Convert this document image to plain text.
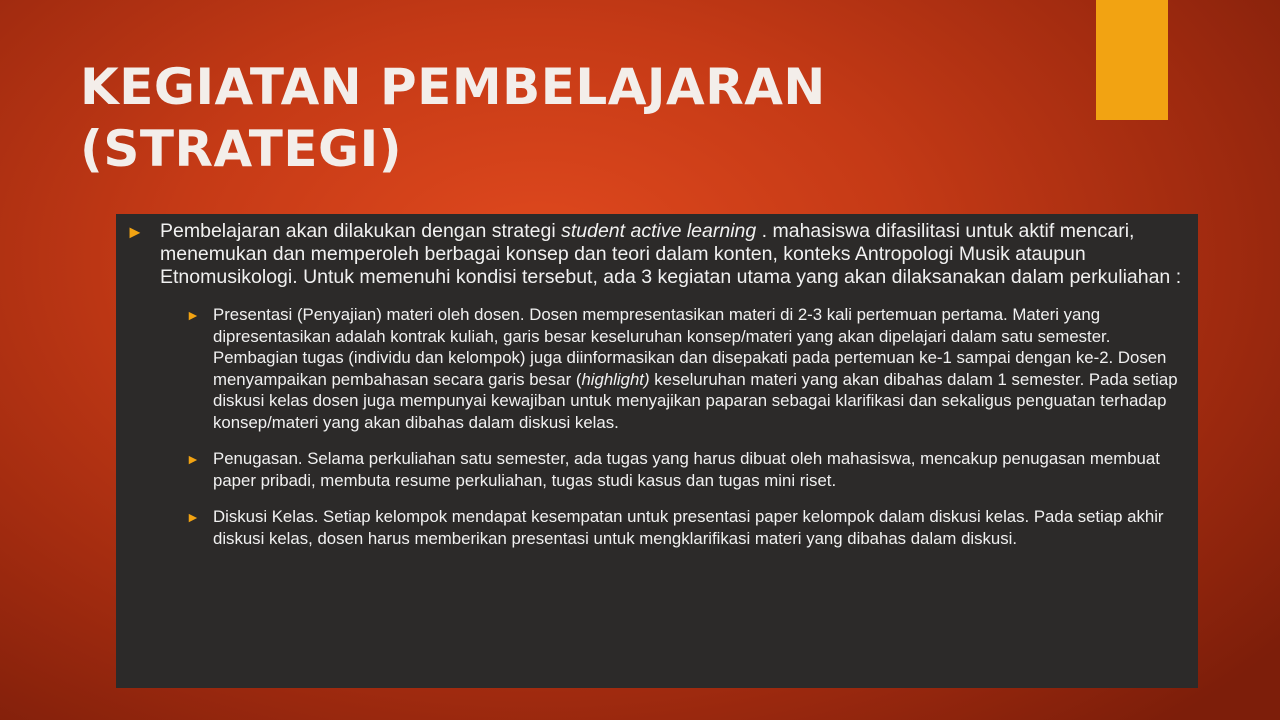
KEGIATAN PEMBELAJARAN
(STRATEGI)
► Pembelajaran akan dilakukan dengan strategi student active learning . mahasiswa difasilitasi untuk aktif mencari, menemukan dan memperoleh berbagai konsep dan teori dalam konten, konteks Antropologi Musik ataupun Etnomusikologi. Untuk memenuhi kondisi tersebut, ada 3 kegiatan utama yang akan dilaksanakan dalam perkuliahan :
► Presentasi (Penyajian) materi oleh dosen. Dosen mempresentasikan materi di 2-3 kali pertemuan pertama. Materi yang dipresentasikan adalah kontrak kuliah, garis besar keseluruhan konsep/materi yang akan dipelajari dalam satu semester. Pembagian tugas (individu dan kelompok) juga diinformasikan dan disepakati pada pertemuan ke-1 sampai dengan ke-2. Dosen menyampaikan pembahasan secara garis besar (highlight) keseluruhan materi yang akan dibahas dalam 1 semester. Pada setiap diskusi kelas dosen juga mempunyai kewajiban untuk menyajikan paparan sebagai klarifikasi dan sekaligus penguatan terhadap konsep/materi yang akan dibahas dalam diskusi kelas.
► Penugasan. Selama perkuliahan satu semester, ada tugas yang harus dibuat oleh mahasiswa, mencakup penugasan membuat paper pribadi, membuta resume perkuliahan, tugas studi kasus dan tugas mini riset.
► Diskusi Kelas. Setiap kelompok mendapat kesempatan untuk presentasi paper kelompok dalam diskusi kelas. Pada setiap akhir diskusi kelas, dosen harus memberikan presentasi untuk mengklarifikasi materi yang dibahas dalam diskusi.
